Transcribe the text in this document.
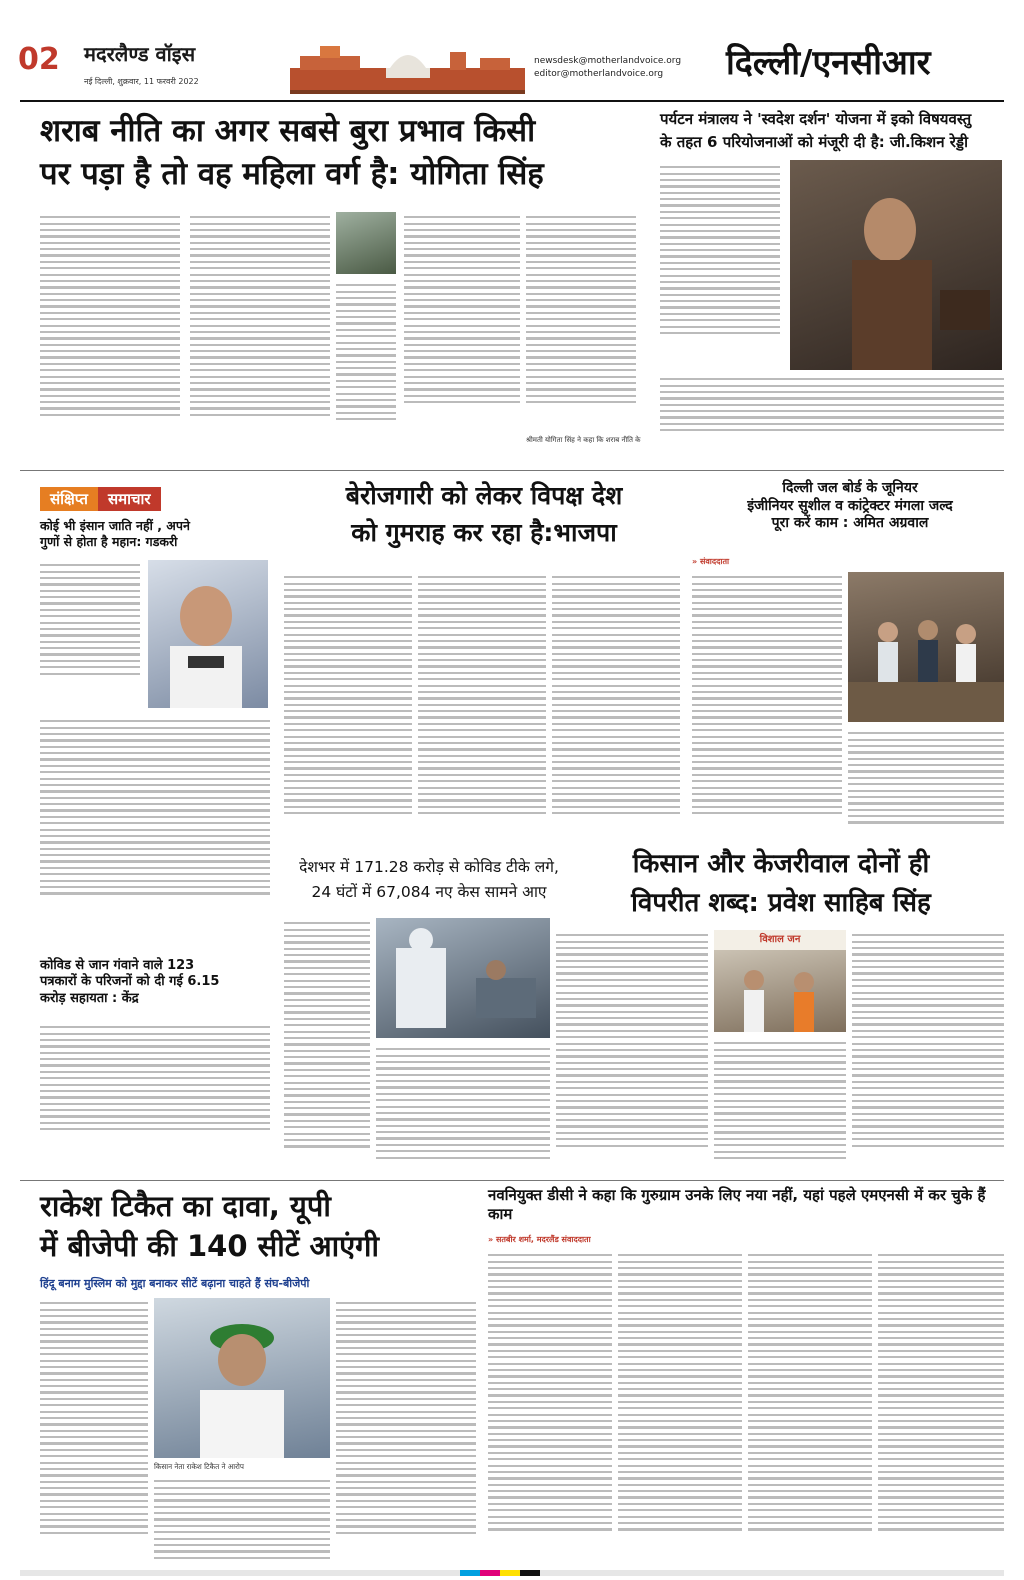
02 मदरलैण्ड वॉइस
नई दिल्ली, शुक्रवार, 11 फरवरी 2022
newsdesk@motherlandvoice.org
editor@motherlandvoice.org	दिल्ली/एनसीआर
शराब नीति का अगर सबसे बुरा प्रभाव किसी
पर पड़ा है तो वह महिला वर्ग है: योगिता सिंह
श्रीमती योगिता सिंह ने कहा कि शराब नीति के
पर्यटन मंत्रालय ने 'स्वदेश दर्शन' योजना में इको विषयवस्तु
के तहत 6 परियोजनाओं को मंजूरी दी है: जी.किशन रेड्डी
संक्षिप्त समाचार
कोई भी इंसान जाति नहीं , अपने
गुणों से होता है महान: गडकरी
कोविड से जान गंवाने वाले 123
पत्रकारों के परिजनों को दी गई 6.15
करोड़ सहायता : केंद्र
बेरोजगारी को लेकर विपक्ष देश
को गुमराह कर रहा है:भाजपा
दिल्ली जल बोर्ड के जूनियर
इंजीनियर सुशील व कांट्रेक्टर मंगला जल्द
पूरा करें काम : अमित अग्रवाल
» संवाददाता
देशभर में 171.28 करोड़ से कोविड टीके लगे,
24 घंटों में 67,084 नए केस सामने आए
किसान और केजरीवाल दोनों ही
विपरीत शब्द: प्रवेश साहिब सिंह
विशाल जन
राकेश टिकैत का दावा, यूपी
में बीजेपी की 140 सीटें आएंगी
हिंदू बनाम मुस्लिम को मुद्दा बनाकर सीटें बढ़ाना चाहते हैं संघ-बीजेपी
किसान नेता राकेश टिकैत ने आरोप
नवनियुक्त डीसी ने कहा कि गुरुग्राम उनके लिए नया नहीं, यहां पहले एमएनसी में कर चुके हैं काम
» सतबीर शर्मा, मदरलैंड संवाददाता
